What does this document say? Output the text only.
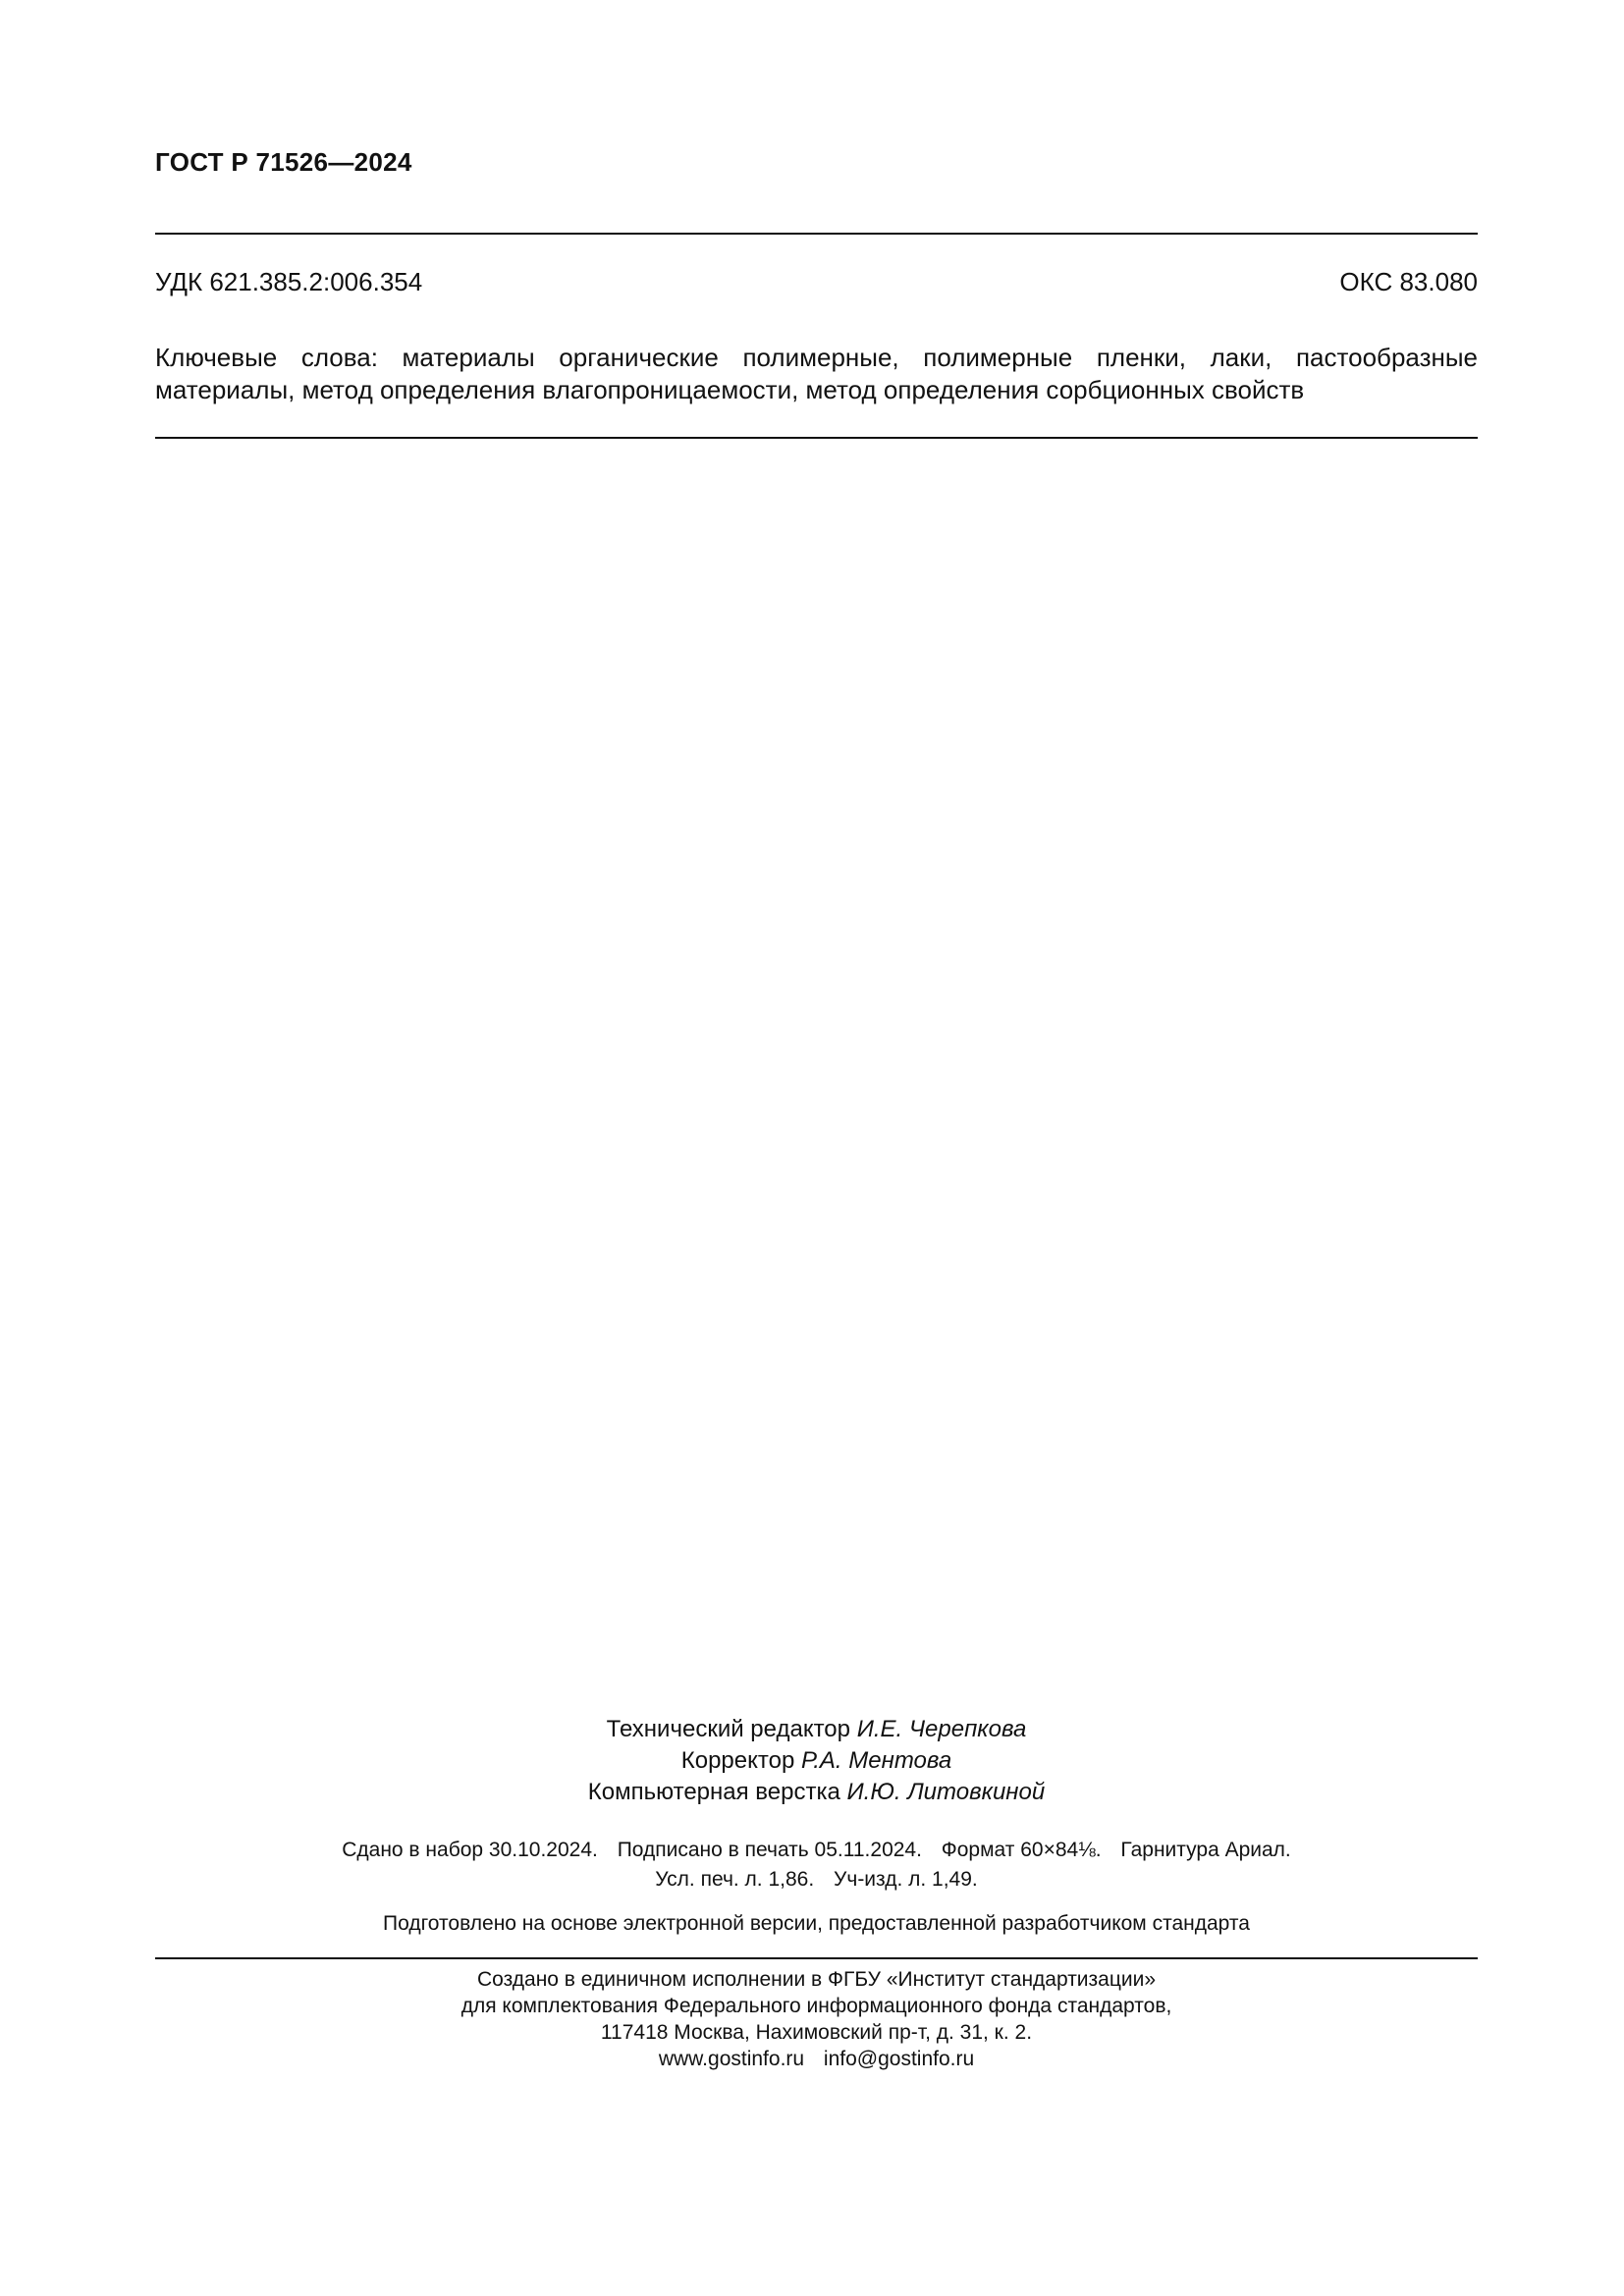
ГОСТ Р 71526—2024
УДК 621.385.2:006.354	ОКС 83.080
Ключевые слова: материалы органические полимерные, полимерные пленки, лаки, пастообразные материалы, метод определения влагопроницаемости, метод определения сорбционных свойств
Технический редактор И.Е. Черепкова
Корректор Р.А. Ментова
Компьютерная верстка И.Ю. Литовкиной
Сдано в набор 30.10.2024. Подписано в печать 05.11.2024. Формат 60×84⅛. Гарнитура Ариал.
Усл. печ. л. 1,86. Уч-изд. л. 1,49.
Подготовлено на основе электронной версии, предоставленной разработчиком стандарта
Создано в единичном исполнении в ФГБУ «Институт стандартизации»
для комплектования Федерального информационного фонда стандартов,
117418 Москва, Нахимовский пр-т, д. 31, к. 2.
www.gostinfo.ru info@gostinfo.ru
